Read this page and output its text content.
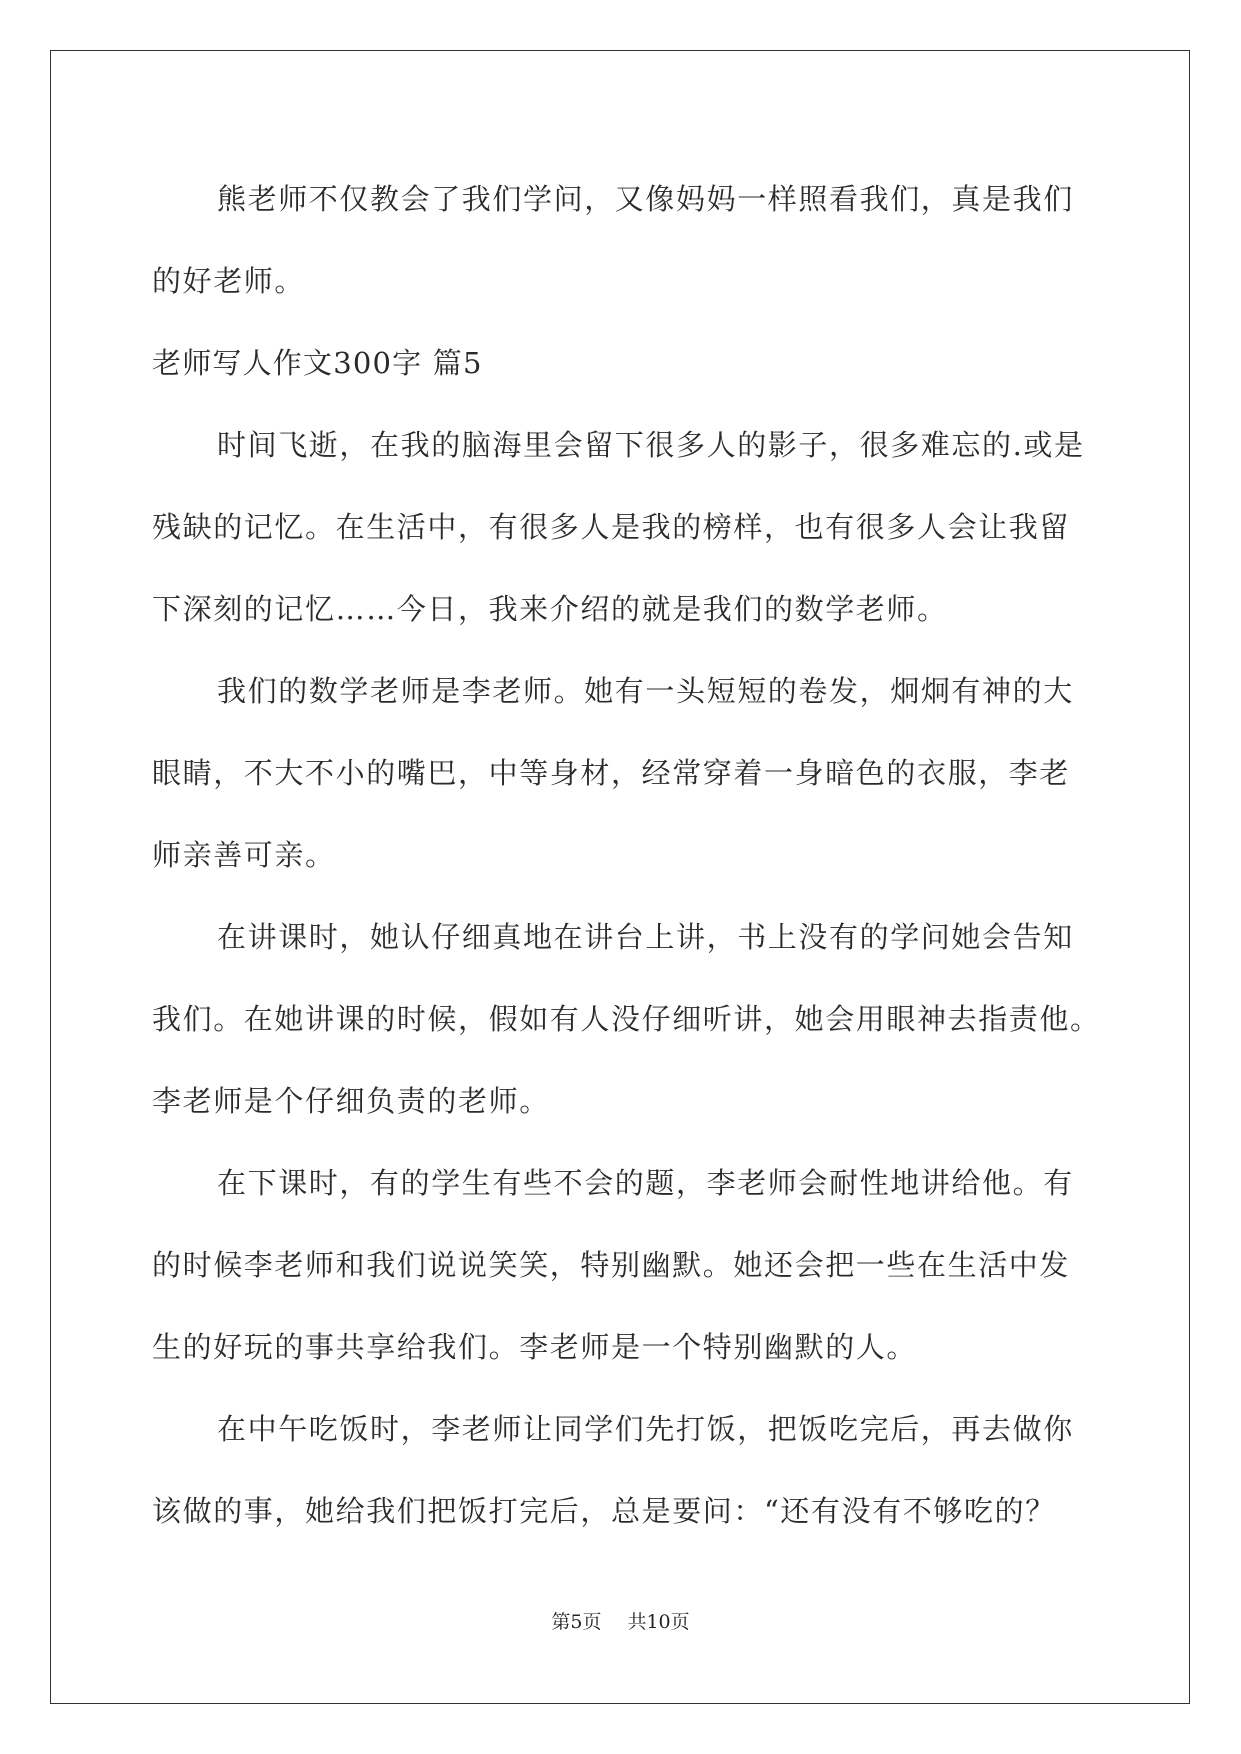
熊老师不仅教会了我们学问，又像妈妈一样照看我们，真是我们
的好老师。
老师写人作文300字 篇5
时间飞逝，在我的脑海里会留下很多人的影子，很多难忘的.或是
残缺的记忆。在生活中，有很多人是我的榜样，也有很多人会让我留
下深刻的记忆……今日，我来介绍的就是我们的数学老师。
我们的数学老师是李老师。她有一头短短的卷发，炯炯有神的大
眼睛，不大不小的嘴巴，中等身材，经常穿着一身暗色的衣服，李老
师亲善可亲。
在讲课时，她认仔细真地在讲台上讲，书上没有的学问她会告知
我们。在她讲课的时候，假如有人没仔细听讲，她会用眼神去指责他。
李老师是个仔细负责的老师。
在下课时，有的学生有些不会的题，李老师会耐性地讲给他。有
的时候李老师和我们说说笑笑，特别幽默。她还会把一些在生活中发
生的好玩的事共享给我们。李老师是一个特别幽默的人。
在中午吃饭时，李老师让同学们先打饭，把饭吃完后，再去做你
该做的事，她给我们把饭打完后，总是要问：“还有没有不够吃的？
第5页 共10页
